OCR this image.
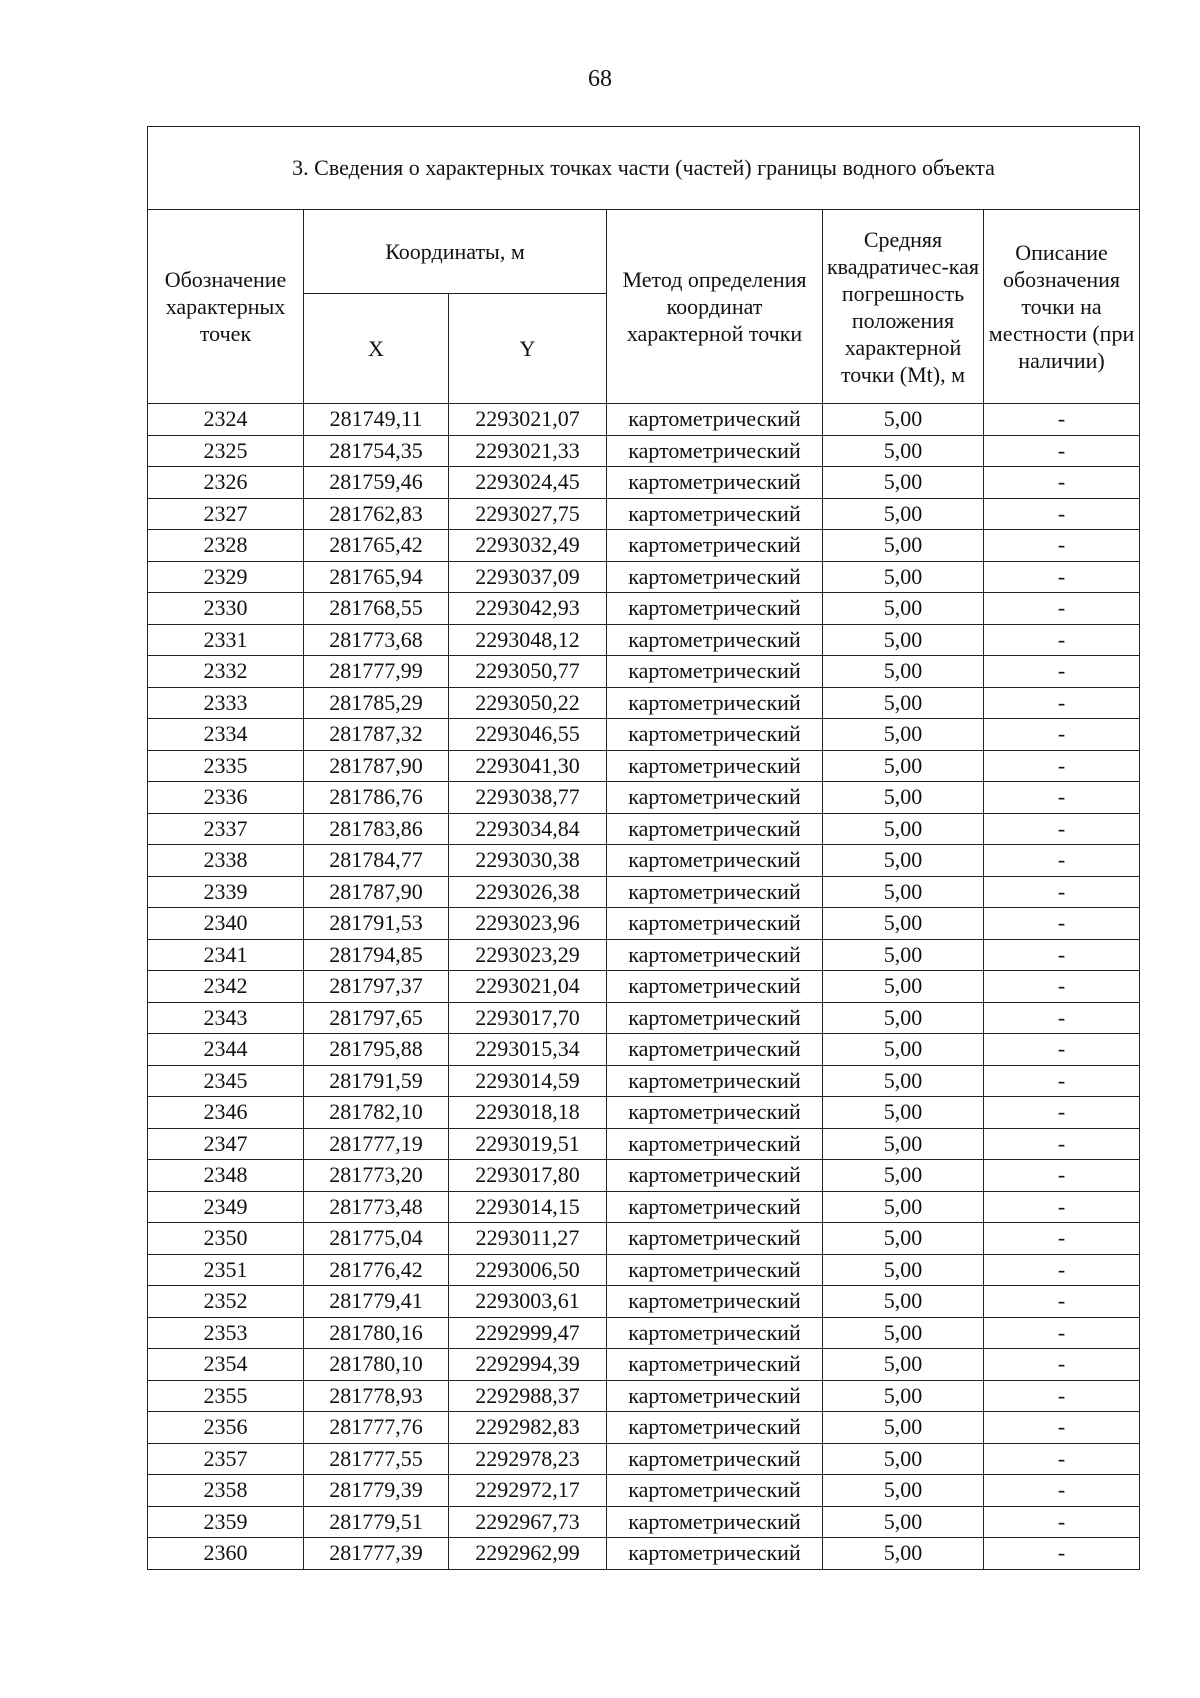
68
3. Сведения о характерных точках части (частей) границы водного объекта					
Обозначение характерных точек	Координаты, м		Метод определения координат характерной точки	Средняя квадратичес-кая погрешность положения характерной точки (Mt), м	Описание обозначения точки на местности (при наличии)
	X	Y			
2324	281749,11	2293021,07	картометрический	5,00	-
2325	281754,35	2293021,33	картометрический	5,00	-
2326	281759,46	2293024,45	картометрический	5,00	-
2327	281762,83	2293027,75	картометрический	5,00	-
2328	281765,42	2293032,49	картометрический	5,00	-
2329	281765,94	2293037,09	картометрический	5,00	-
2330	281768,55	2293042,93	картометрический	5,00	-
2331	281773,68	2293048,12	картометрический	5,00	-
2332	281777,99	2293050,77	картометрический	5,00	-
2333	281785,29	2293050,22	картометрический	5,00	-
2334	281787,32	2293046,55	картометрический	5,00	-
2335	281787,90	2293041,30	картометрический	5,00	-
2336	281786,76	2293038,77	картометрический	5,00	-
2337	281783,86	2293034,84	картометрический	5,00	-
2338	281784,77	2293030,38	картометрический	5,00	-
2339	281787,90	2293026,38	картометрический	5,00	-
2340	281791,53	2293023,96	картометрический	5,00	-
2341	281794,85	2293023,29	картометрический	5,00	-
2342	281797,37	2293021,04	картометрический	5,00	-
2343	281797,65	2293017,70	картометрический	5,00	-
2344	281795,88	2293015,34	картометрический	5,00	-
2345	281791,59	2293014,59	картометрический	5,00	-
2346	281782,10	2293018,18	картометрический	5,00	-
2347	281777,19	2293019,51	картометрический	5,00	-
2348	281773,20	2293017,80	картометрический	5,00	-
2349	281773,48	2293014,15	картометрический	5,00	-
2350	281775,04	2293011,27	картометрический	5,00	-
2351	281776,42	2293006,50	картометрический	5,00	-
2352	281779,41	2293003,61	картометрический	5,00	-
2353	281780,16	2292999,47	картометрический	5,00	-
2354	281780,10	2292994,39	картометрический	5,00	-
2355	281778,93	2292988,37	картометрический	5,00	-
2356	281777,76	2292982,83	картометрический	5,00	-
2357	281777,55	2292978,23	картометрический	5,00	-
2358	281779,39	2292972,17	картометрический	5,00	-
2359	281779,51	2292967,73	картометрический	5,00	-
2360	281777,39	2292962,99	картометрический	5,00	-
